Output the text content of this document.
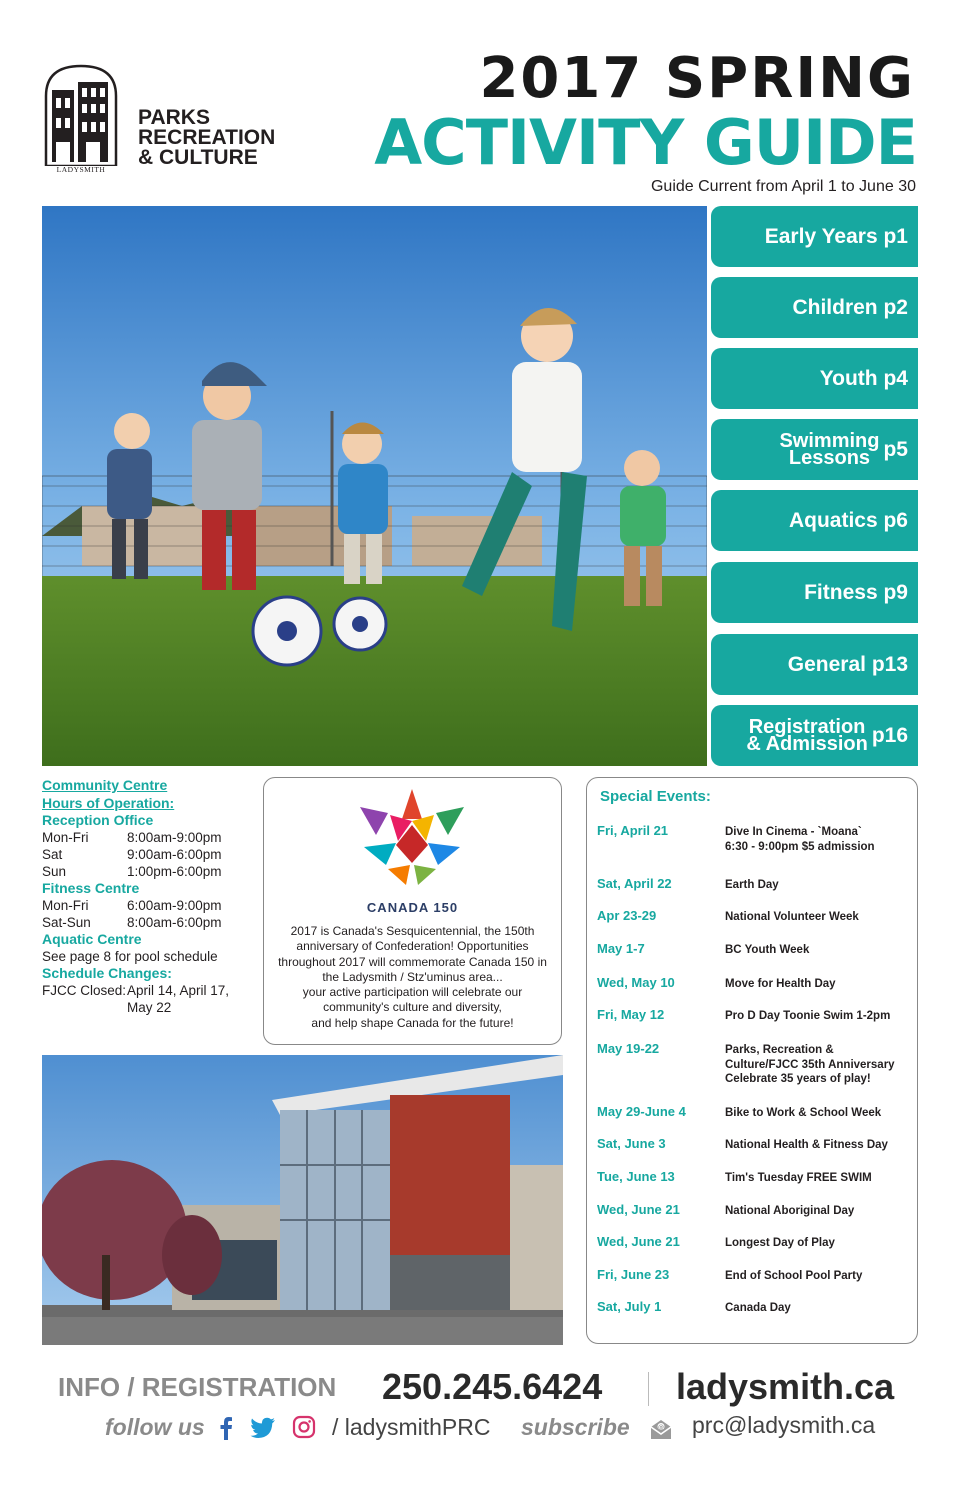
LADYSMITH
PARKS
RECREATION
& CULTURE
2017 SPRING
ACTIVITY GUIDE
Guide Current from April 1 to June 30
Early Years
p1
Children
p2
Youth
p4
Swimming
Lessons p5
Aquatics
p6
Fitness
p9
General
p13
Registration
& Admission p16
Community Centre
Hours of Operation:
Reception Office
Mon-Fri	8:00am-9:00pm
Sat	9:00am-6:00pm
Sun	1:00pm-6:00pm
Fitness Centre
Mon-Fri	6:00am-9:00pm
Sat-Sun	8:00am-6:00pm
Aquatic Centre
See page 8 for pool schedule
Schedule Changes:
FJCC Closed: April 14, April 17,
May 22
CANADA 150
2017 is Canada's Sesquicentennial, the 150th
anniversary of Confederation! Opportunities
throughout 2017 will commemorate Canada 150 in
the Ladysmith / Stz'uminus area...
your active participation will celebrate our
community's culture and diversity,
and help shape Canada for the future!
Special Events:
Fri, April 21	Dive In Cinema - `Moana`
6:30 - 9:00pm $5 admission
Sat, April 22	Earth Day
Apr 23-29	National Volunteer Week
May 1-7	BC Youth Week
Wed, May 10	Move for Health Day
Fri, May 12	Pro D Day Toonie Swim 1-2pm
May 19-22	Parks, Recreation &
Culture/FJCC 35th Anniversary
Celebrate 35 years of play!
May 29-June 4	Bike to Work & School Week
Sat, June 3	National Health & Fitness Day
Tue, June 13	Tim's Tuesday FREE SWIM
Wed, June 21	National Aboriginal Day
Wed, June 21	Longest Day of Play
Fri, June 23	End of School Pool Party
Sat, July 1	Canada Day
INFO / REGISTRATION 250.245.6424 ladysmith.ca
follow us	/ ladysmithPRC subscribe	@ prc@ladysmith.ca
